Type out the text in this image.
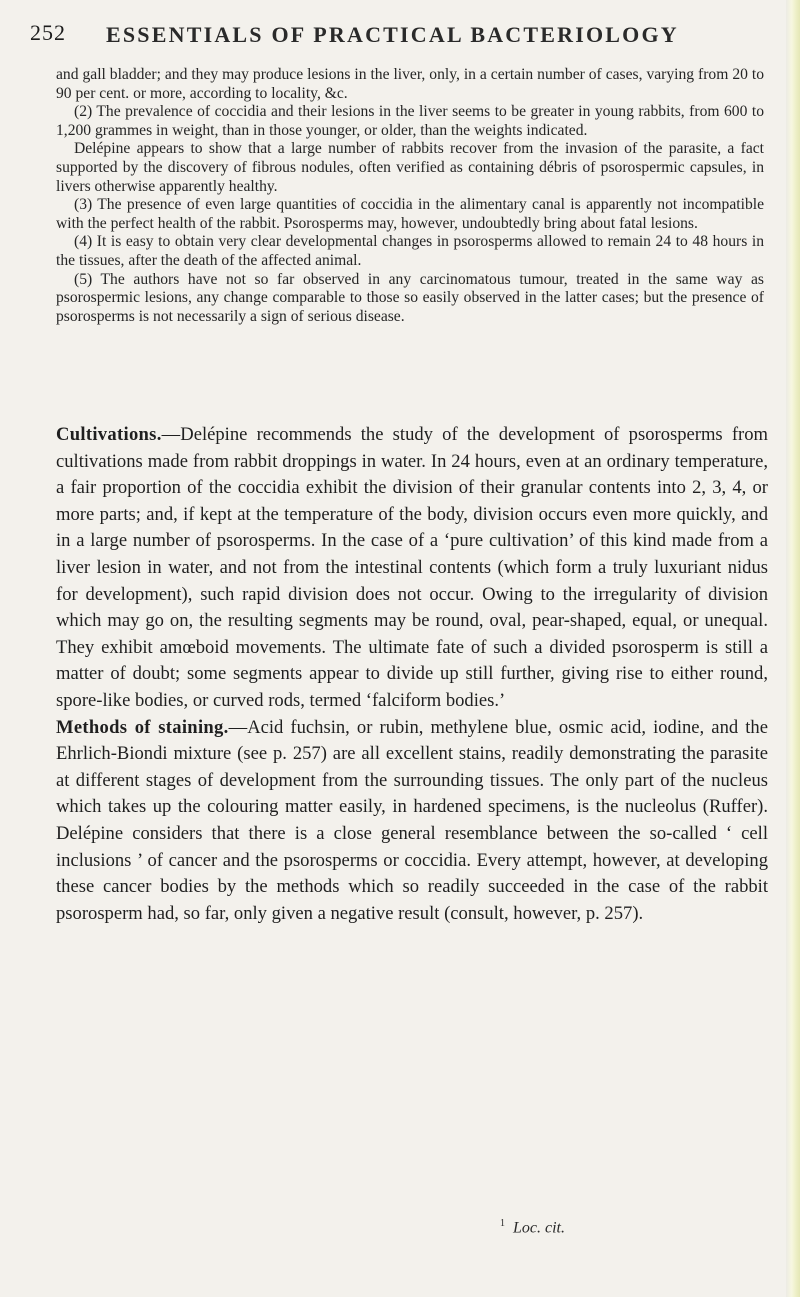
252 ESSENTIALS OF PRACTICAL BACTERIOLOGY

and gall bladder; and they may produce lesions in the liver, only, in a certain number of cases, varying from 20 to 90 per cent. or more, according to locality, &c.

(2) The prevalence of coccidia and their lesions in the liver seems to be greater in young rabbits, from 600 to 1,200 grammes in weight, than in those younger, or older, than the weights indicated.

Delépine appears to show that a large number of rabbits recover from the invasion of the parasite, a fact supported by the discovery of fibrous nodules, often verified as containing débris of psorospermic capsules, in livers otherwise apparently healthy.

(3) The presence of even large quantities of coccidia in the alimentary canal is apparently not incompatible with the perfect health of the rabbit. Psorosperms may, however, undoubtedly bring about fatal lesions.

(4) It is easy to obtain very clear developmental changes in psorosperms allowed to remain 24 to 48 hours in the tissues, after the death of the affected animal.

(5) The authors have not so far observed in any carcinomatous tumour, treated in the same way as psorospermic lesions, any change comparable to those so easily observed in the latter cases; but the presence of psorosperms is not necessarily a sign of serious disease.

Cultivations.—Delépine recommends the study of the development of psorosperms from cultivations made from rabbit droppings in water. In 24 hours, even at an ordinary temperature, a fair proportion of the coccidia exhibit the division of their granular contents into 2, 3, 4, or more parts; and, if kept at the temperature of the body, division occurs even more quickly, and in a large number of psorosperms. In the case of a ‘pure cultivation’ of this kind made from a liver lesion in water, and not from the intestinal contents (which form a truly luxuriant nidus for development), such rapid division does not occur. Owing to the irregularity of division which may go on, the resulting segments may be round, oval, pear-shaped, equal, or unequal. They exhibit amœboid movements. The ultimate fate of such a divided psorosperm is still a matter of doubt; some segments appear to divide up still further, giving rise to either round, spore-like bodies, or curved rods, termed ‘falciform bodies.’

Methods of staining.—Acid fuchsin, or rubin, methylene blue, osmic acid, iodine, and the Ehrlich-Biondi mixture (see p. 257) are all excellent stains, readily demonstrating the parasite at different stages of development from the surrounding tissues. The only part of the nucleus which takes up the colouring matter easily, in hardened specimens, is the nucleolus (Ruffer). Delépine considers that there is a close general resemblance between the so-called ‘ cell inclusions ’ of cancer and the psorosperms or coccidia. Every attempt, however, at developing these cancer bodies by the methods which so readily succeeded in the case of the rabbit psorosperm had, so far, only given a negative result (consult, however, p. 257).

$^1$ Loc. cit.
